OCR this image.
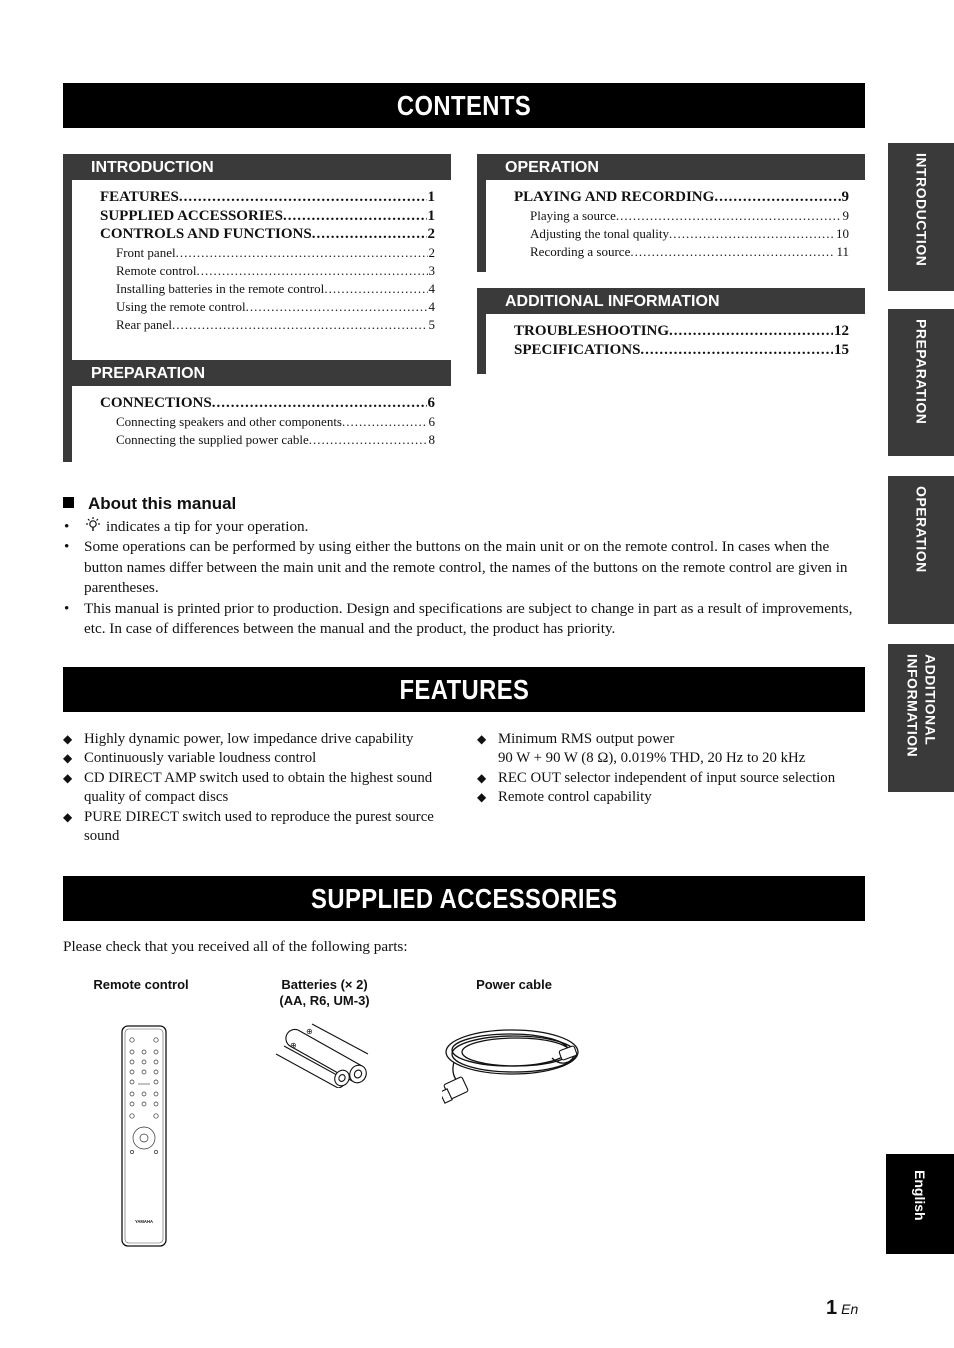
CONTENTS
FEATURES
SUPPLIED ACCESSORIES
INTRODUCTION
FEATURES .....	1
SUPPLIED ACCESSORIES .....	1
CONTROLS AND FUNCTIONS .....	2
Front panel .....	2
Remote control .....	3
Installing batteries in the remote control .....	4
Using the remote control .....	4
Rear panel .....	5
PREPARATION
CONNECTIONS .....	6
Connecting speakers and other components .....	6
Connecting the supplied power cable .....	8
OPERATION
PLAYING AND RECORDING .....	9
Playing a source .....	9
Adjusting the tonal quality .....	10
Recording a source .....	11
ADDITIONAL INFORMATION
TROUBLESHOOTING .....	12
SPECIFICATIONS .....	15
INTRODUCTION
PREPARATION
OPERATION
ADDITIONAL
INFORMATION
About this manual
• indicates a tip for your operation.
• Some operations can be performed by using either the buttons on the main unit or on the remote control. In cases when the button names differ between the main unit and the remote control, the names of the buttons on the remote control are given in parentheses.
• This manual is printed prior to production. Design and specifications are subject to change in part as a result of improvements, etc. In case of differences between the manual and the product, the product has priority.
◆ Highly dynamic power, low impedance drive capability
◆ Continuously variable loudness control
◆ CD DIRECT AMP switch used to obtain the highest sound quality of compact discs
◆ PURE DIRECT switch used to reproduce the purest source sound
◆ Minimum RMS output power
90 W + 90 W (8 Ω), 0.019% THD, 20 Hz to 20 kHz
◆ REC OUT selector independent of input source selection
◆ Remote control capability
Please check that you received all of the following parts:
Remote control	Batteries (× 2)
(AA, R6, UM-3)
Power cable
YAMAHA
⊕
⊕
English
1 En
